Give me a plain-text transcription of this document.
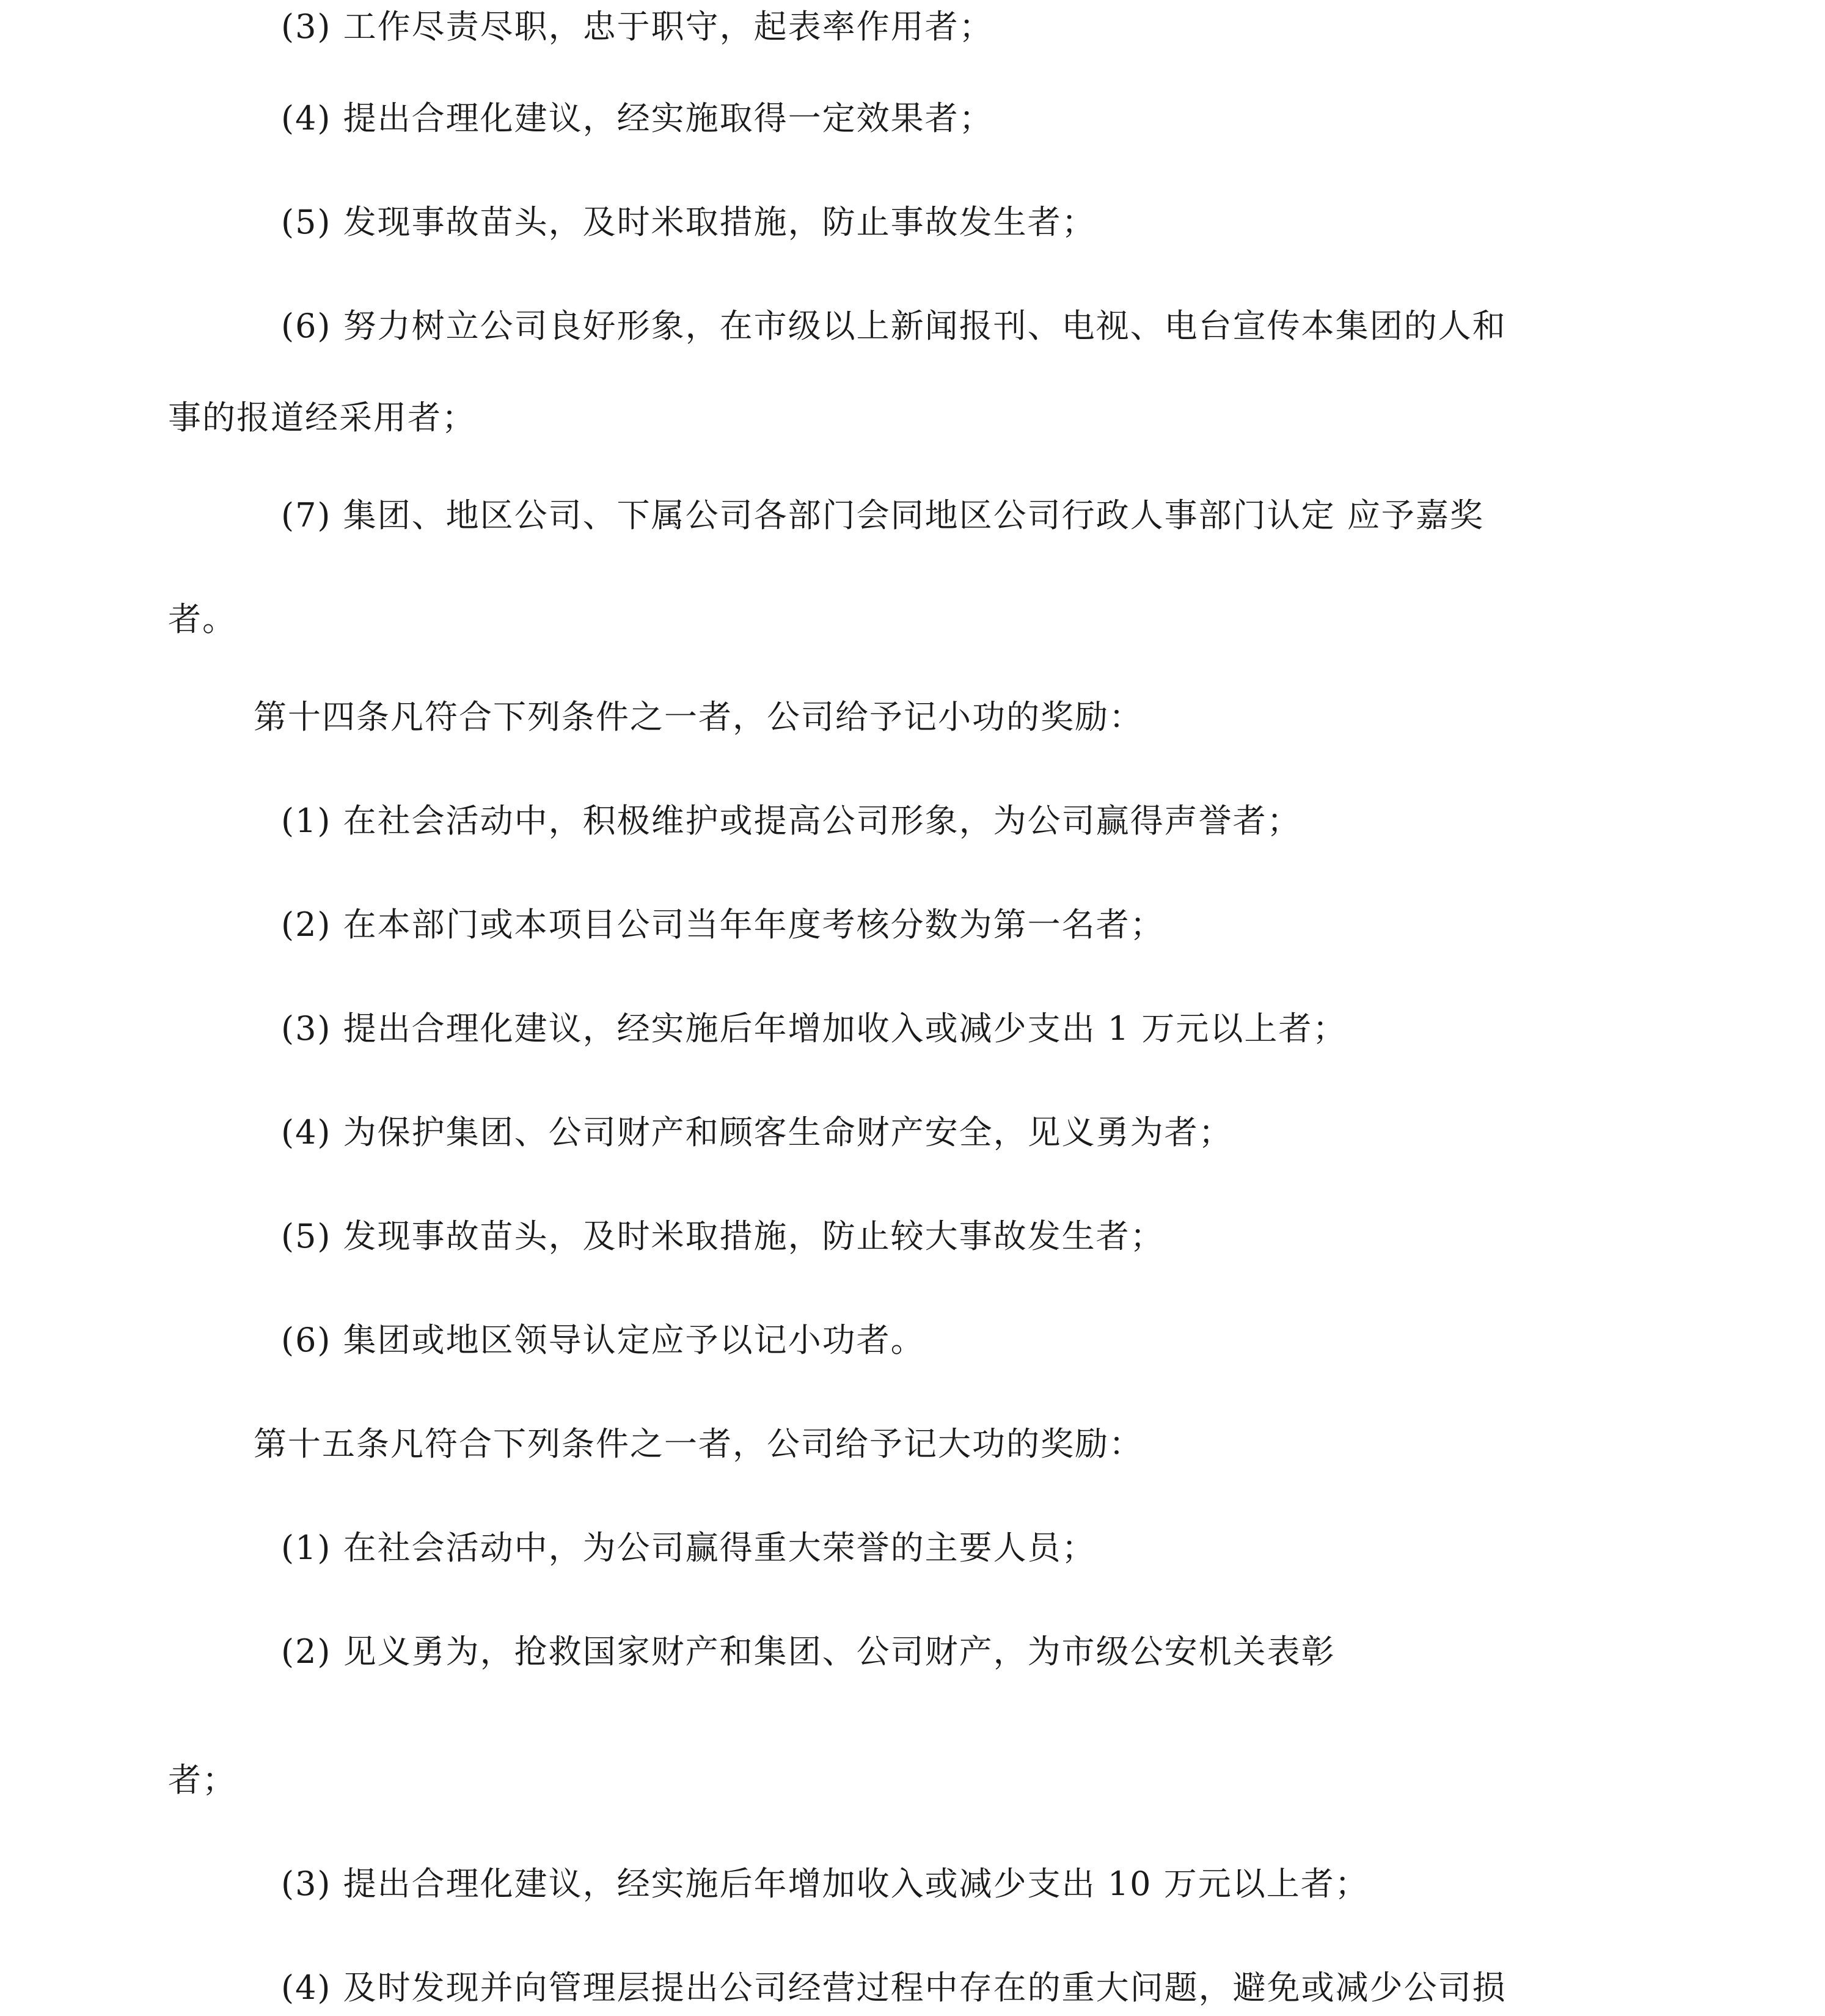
(3) 工作尽责尽职，忠于职守，起表率作用者；
(4) 提出合理化建议，经实施取得一定效果者；
(5) 发现事故苗头，及时米取措施，防止事故发生者；
(6) 努力树立公司良好形象，在市级以上新闻报刊、电视、电台宣传本集团的人和
事的报道经采用者；
(7) 集团、地区公司、下属公司各部门会同地区公司行政人事部门认定 应予嘉奖
者。
第十四条凡符合下列条件之一者，公司给予记小功的奖励：
(1) 在社会活动中，积极维护或提高公司形象，为公司赢得声誉者；
(2) 在本部门或本项目公司当年年度考核分数为第一名者；
(3) 提出合理化建议，经实施后年增加收入或减少支出 1 万元以上者；
(4) 为保护集团、公司财产和顾客生命财产安全，见义勇为者；
(5) 发现事故苗头，及时米取措施，防止较大事故发生者；
(6) 集团或地区领导认定应予以记小功者。
第十五条凡符合下列条件之一者，公司给予记大功的奖励：
(1) 在社会活动中，为公司赢得重大荣誉的主要人员；
(2) 见义勇为，抢救国家财产和集团、公司财产，为市级公安机关表彰
者；
(3) 提出合理化建议，经实施后年增加收入或减少支出 10 万元以上者；
(4) 及时发现并向管理层提出公司经营过程中存在的重大问题，避免或减少公司损
